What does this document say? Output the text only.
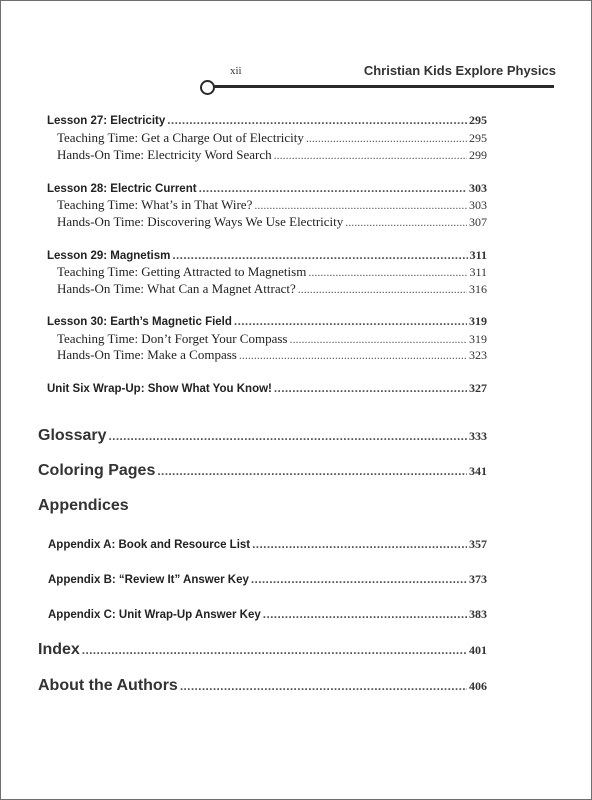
xii	Christian Kids Explore Physics
Lesson 27: Electricity . . .	295
Teaching Time: Get a Charge Out of Electricity . . .	295
Hands-On Time: Electricity Word Search . . .	299
Lesson 28: Electric Current . . .	303
Teaching Time: What’s in That Wire? . . .	303
Hands-On Time: Discovering Ways We Use Electricity . . .	307
Lesson 29: Magnetism . . .	311
Teaching Time: Getting Attracted to Magnetism . . .	311
Hands-On Time: What Can a Magnet Attract? . . .	316
Lesson 30: Earth’s Magnetic Field . . .	319
Teaching Time: Don’t Forget Your Compass . . .	319
Hands-On Time: Make a Compass . . .	323
Unit Six Wrap-Up: Show What You Know! . . .	327
Glossary . . .	333
Coloring Pages . . .	341
Appendices
Appendix A: Book and Resource List . . .	357
Appendix B: “Review It” Answer Key . . .	373
Appendix C: Unit Wrap-Up Answer Key . . .	383
Index . . .	401
About the Authors . . .	406
